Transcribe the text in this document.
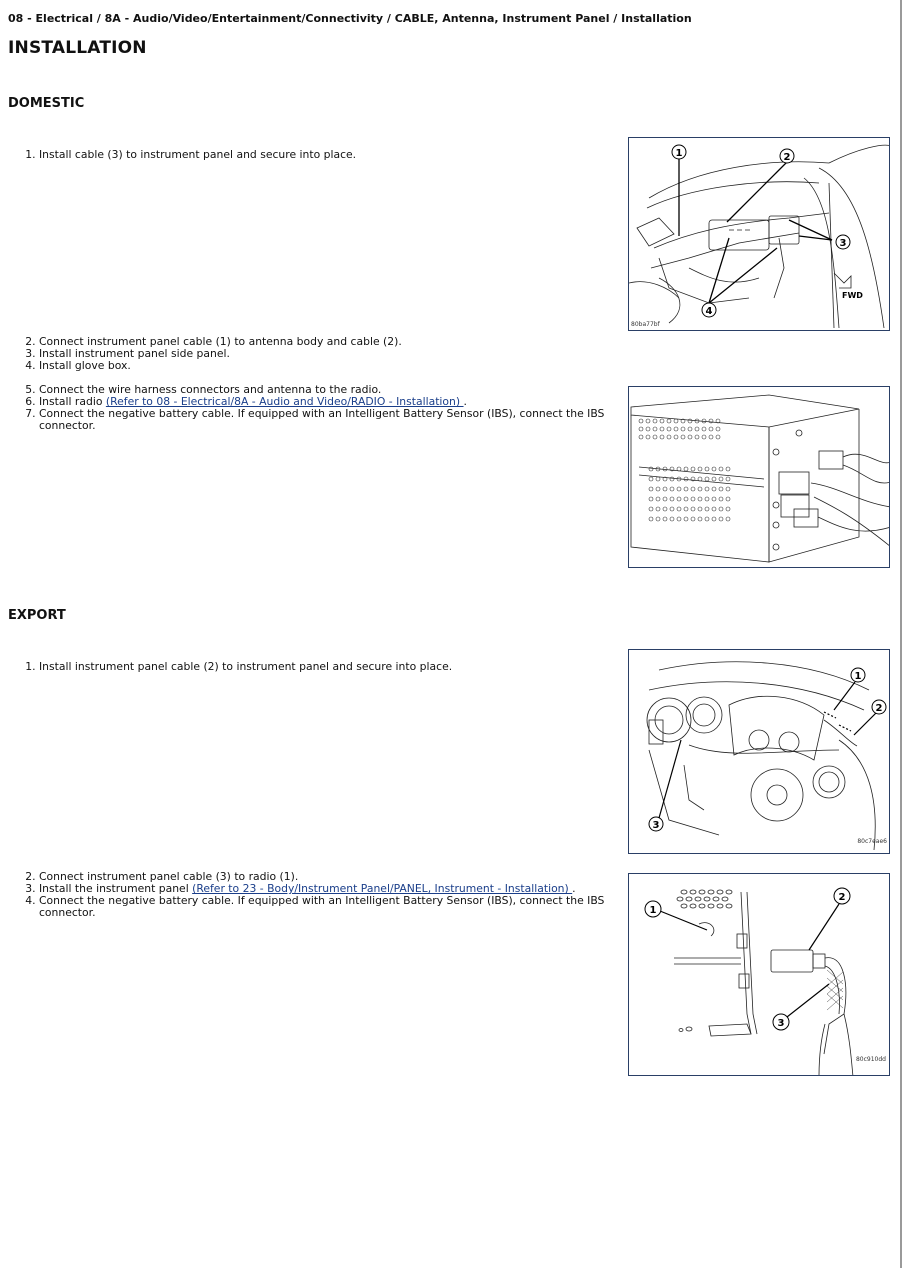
08 - Electrical / 8A - Audio/Video/Entertainment/Connectivity / CABLE, Antenna, Instrument Panel / Installation
INSTALLATION
DOMESTIC
1. Install cable (3) to instrument panel and secure into place.
2. Connect instrument panel cable (1) to antenna body and cable (2).
3. Install instrument panel side panel.
4. Install glove box.
5. Connect the wire harness connectors and antenna to the radio.
6. Install radio (Refer to 08 - Electrical/8A - Audio and Video/RADIO - Installation) .
7. Connect the negative battery cable. If equipped with an Intelligent Battery Sensor (IBS), connect the IBS connector.
1	2
3
4
FWD
80ba77bf
EXPORT
1. Install instrument panel cable (2) to instrument panel and secure into place.
2. Connect instrument panel cable (3) to radio (1).
3. Install the instrument panel (Refer to 23 - Body/Instrument Panel/PANEL, Instrument - Installation) .
4. Connect the negative battery cable. If equipped with an Intelligent Battery Sensor (IBS), connect the IBS connector.
1
2
3
80c7eae6
1
2
3
80c910dd
